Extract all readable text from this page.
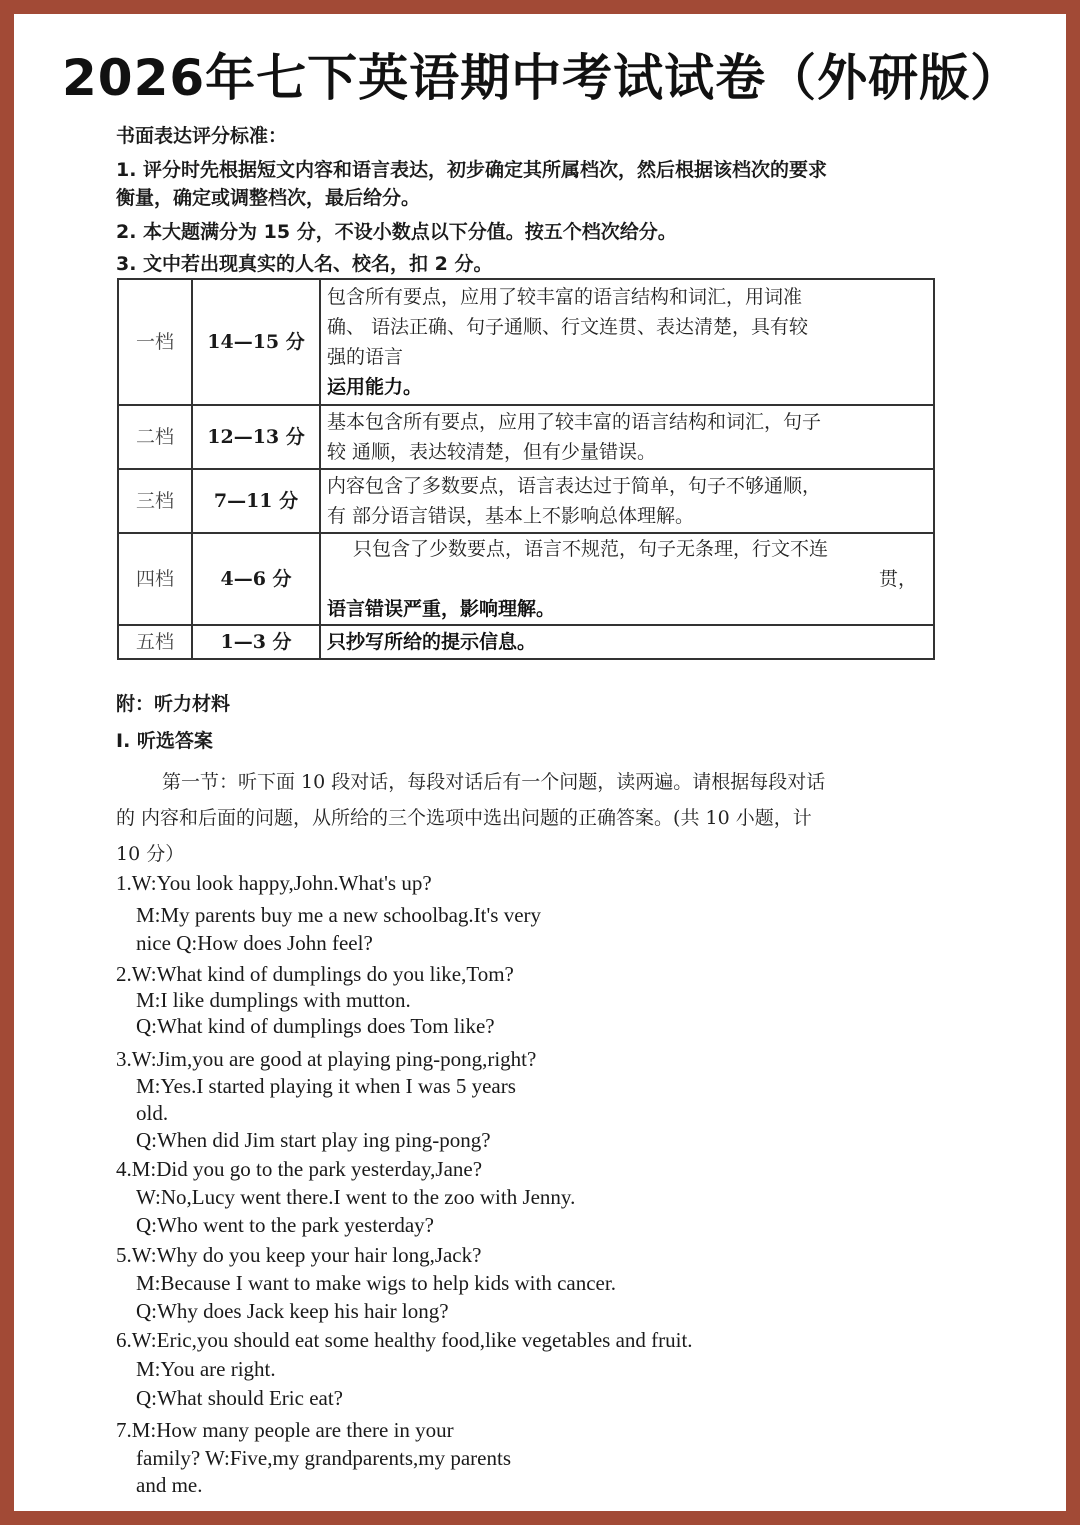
2026年七下英语期中考试试卷（外研版）
书面表达评分标准：
1. 评分时先根据短文内容和语言表达，初步确定其所属档次，然后根据该档次的要求
衡量，确定或调整档次，最后给分。
2. 本大题满分为 15 分，不设小数点以下分值。按五个档次给分。
3. 文中若出现真实的人名、校名，扣 2 分。
一档	14—15 分	包含所有要点，应用了较丰富的语言结构和词汇，用词准
确、 语法正确、句子通顺、行文连贯、表达清楚，具有较
强的语言
运用能力。

二档	12—13 分	基本包含所有要点，应用了较丰富的语言结构和词汇，句子
较 通顺，表达较清楚，但有少量错误。

三档	7—11 分	内容包含了多数要点，语言表达过于简单，句子不够通顺，
有 部分语言错误，基本上不影响总体理解。

四档	4—6 分	只包含了少数要点，语言不规范，句子无条理，行文不连
贯，
语言错误严重，影响理解。

五档	1—3 分	只抄写所给的提示信息。
附：听力材料
I. 听选答案
第一节：听下面 10 段对话，每段对话后有一个问题，读两遍。请根据每段对话
的 内容和后面的问题，从所给的三个选项中选出问题的正确答案。(共 10 小题，计
10 分）
1.W:You look happy,John.What's up?
M:My parents buy me a new schoolbag.It's very
nice Q:How does John feel?
2.W:What kind of dumplings do you like,Tom?
M:I like dumplings with mutton.
Q:What kind of dumplings does Tom like?
3.W:Jim,you are good at playing ping-pong,right?
M:Yes.I started playing it when I was 5 years
old.
Q:When did Jim start play ing ping-pong?
4.M:Did you go to the park yesterday,Jane?
W:No,Lucy went there.I went to the zoo with Jenny.
Q:Who went to the park yesterday?
5.W:Why do you keep your hair long,Jack?
M:Because I want to make wigs to help kids with cancer.
Q:Why does Jack keep his hair long?
6.W:Eric,you should eat some healthy food,like vegetables and fruit.
M:You are right.
Q:What should Eric eat?
7.M:How many people are there in your
family? W:Five,my grandparents,my parents
and me.
